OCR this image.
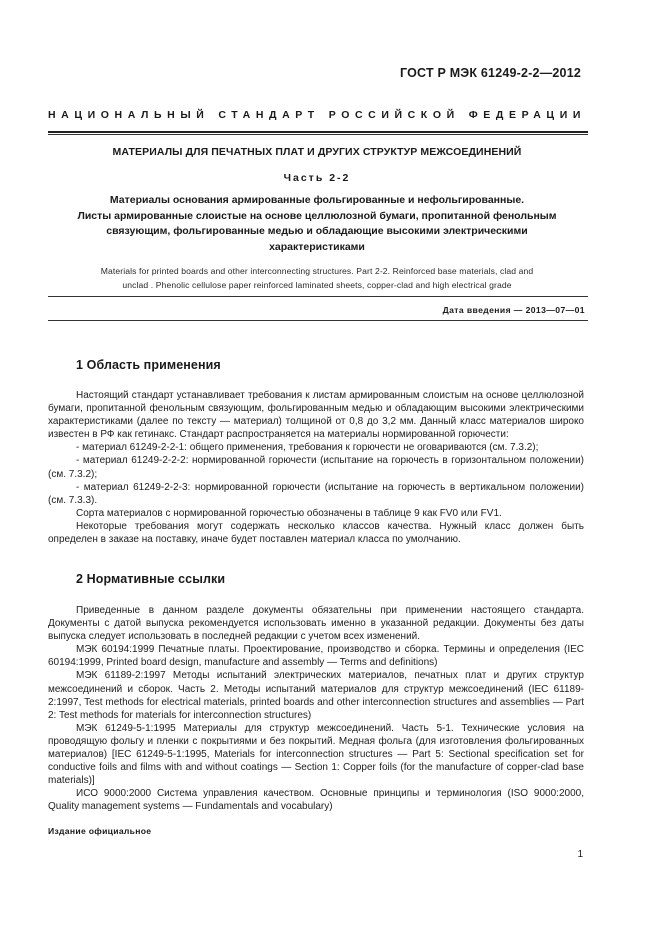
ГОСТ Р МЭК 61249-2-2—2012
НАЦИОНАЛЬНЫЙ СТАНДАРТ РОССИЙСКОЙ ФЕДЕРАЦИИ
МАТЕРИАЛЫ ДЛЯ ПЕЧАТНЫХ ПЛАТ И ДРУГИХ СТРУКТУР МЕЖСОЕДИНЕНИЙ
Часть 2-2
Материалы основания армированные фольгированные и нефольгированные.
Листы армированные слоистые на основе целлюлозной бумаги, пропитанной фенольным
связующим, фольгированные медью и обладающие высокими электрическими
характеристиками
Materials for printed boards and other interconnecting structures. Part 2-2. Reinforced base materials, clad and
unclad . Phenolic cellulose paper reinforced laminated sheets, copper-clad and high electrical grade
Дата введения — 2013—07—01
1 Область применения

Настоящий стандарт устанавливает требования к листам армированным слоистым на основе целлюлозной бумаги, пропитанной фенольным связующим, фольгированным медью и обладающим высокими электрическими характеристиками (далее по тексту — материал) толщиной от 0,8 до 3,2 мм. Данный класс материалов широко известен в РФ как гетинакс. Стандарт распространяется на материалы нормированной горючести:

- материал 61249-2-2-1: общего применения, требования к горючести не оговариваются (см. 7.3.2);

- материал 61249-2-2-2: нормированной горючести (испытание на горючесть в горизонтальном положении) (см. 7.3.2);

- материал 61249-2-2-3: нормированной горючести (испытание на горючесть в вертикальном положении) (см. 7.3.3).

Сорта материалов с нормированной горючестью обозначены в таблице 9 как FV0 или FV1.

Некоторые требования могут содержать несколько классов качества. Нужный класс должен быть определен в заказе на поставку, иначе будет поставлен материал класса по умолчанию.

2 Нормативные ссылки

Приведенные в данном разделе документы обязательны при применении настоящего стандарта. Документы с датой выпуска рекомендуется использовать именно в указанной редакции. Документы без даты выпуска следует использовать в последней редакции с учетом всех изменений.

МЭК 60194:1999 Печатные платы. Проектирование, производство и сборка. Термины и определения (IEC 60194:1999, Printed board design, manufacture and assembly — Terms and definitions)

МЭК 61189-2:1997 Методы испытаний электрических материалов, печатных плат и других структур межсоединений и сборок. Часть 2. Методы испытаний материалов для структур межсоединений (IEC 61189-2:1997, Test methods for electrical materials, printed boards and other interconnection structures and assemblies — Part 2: Test methods for materials for interconnection structures)

МЭК 61249-5-1:1995 Материалы для структур межсоединений. Часть 5-1. Технические условия на проводящую фольгу и пленки с покрытиями и без покрытий. Медная фольга (для изготовления фольгированных материалов) [IEC 61249-5-1:1995, Materials for interconnection structures — Part 5: Sectional specification set for conductive foils and films with and without coatings — Section 1: Copper foils (for the manufacture of copper-clad base materials)]

ИСО 9000:2000 Система управления качеством. Основные принципы и терминология (ISO 9000:2000, Quality management systems — Fundamentals and vocabulary)

Издание официальное
1
